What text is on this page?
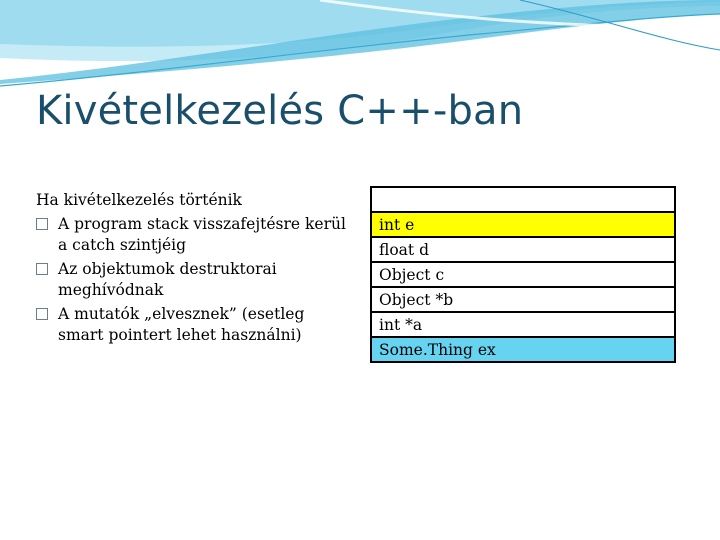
Kivételkezelés C++-ban
Ha kivételkezelés történik
A program stack visszafejtésre kerül
a catch szintjéig
Az objektumok destruktorai
meghívódnak
A mutatók „elvesznek” (esetleg
smart pointert lehet használni)

int e
float d
Object c
Object *b
int *a
Some.Thing ex
